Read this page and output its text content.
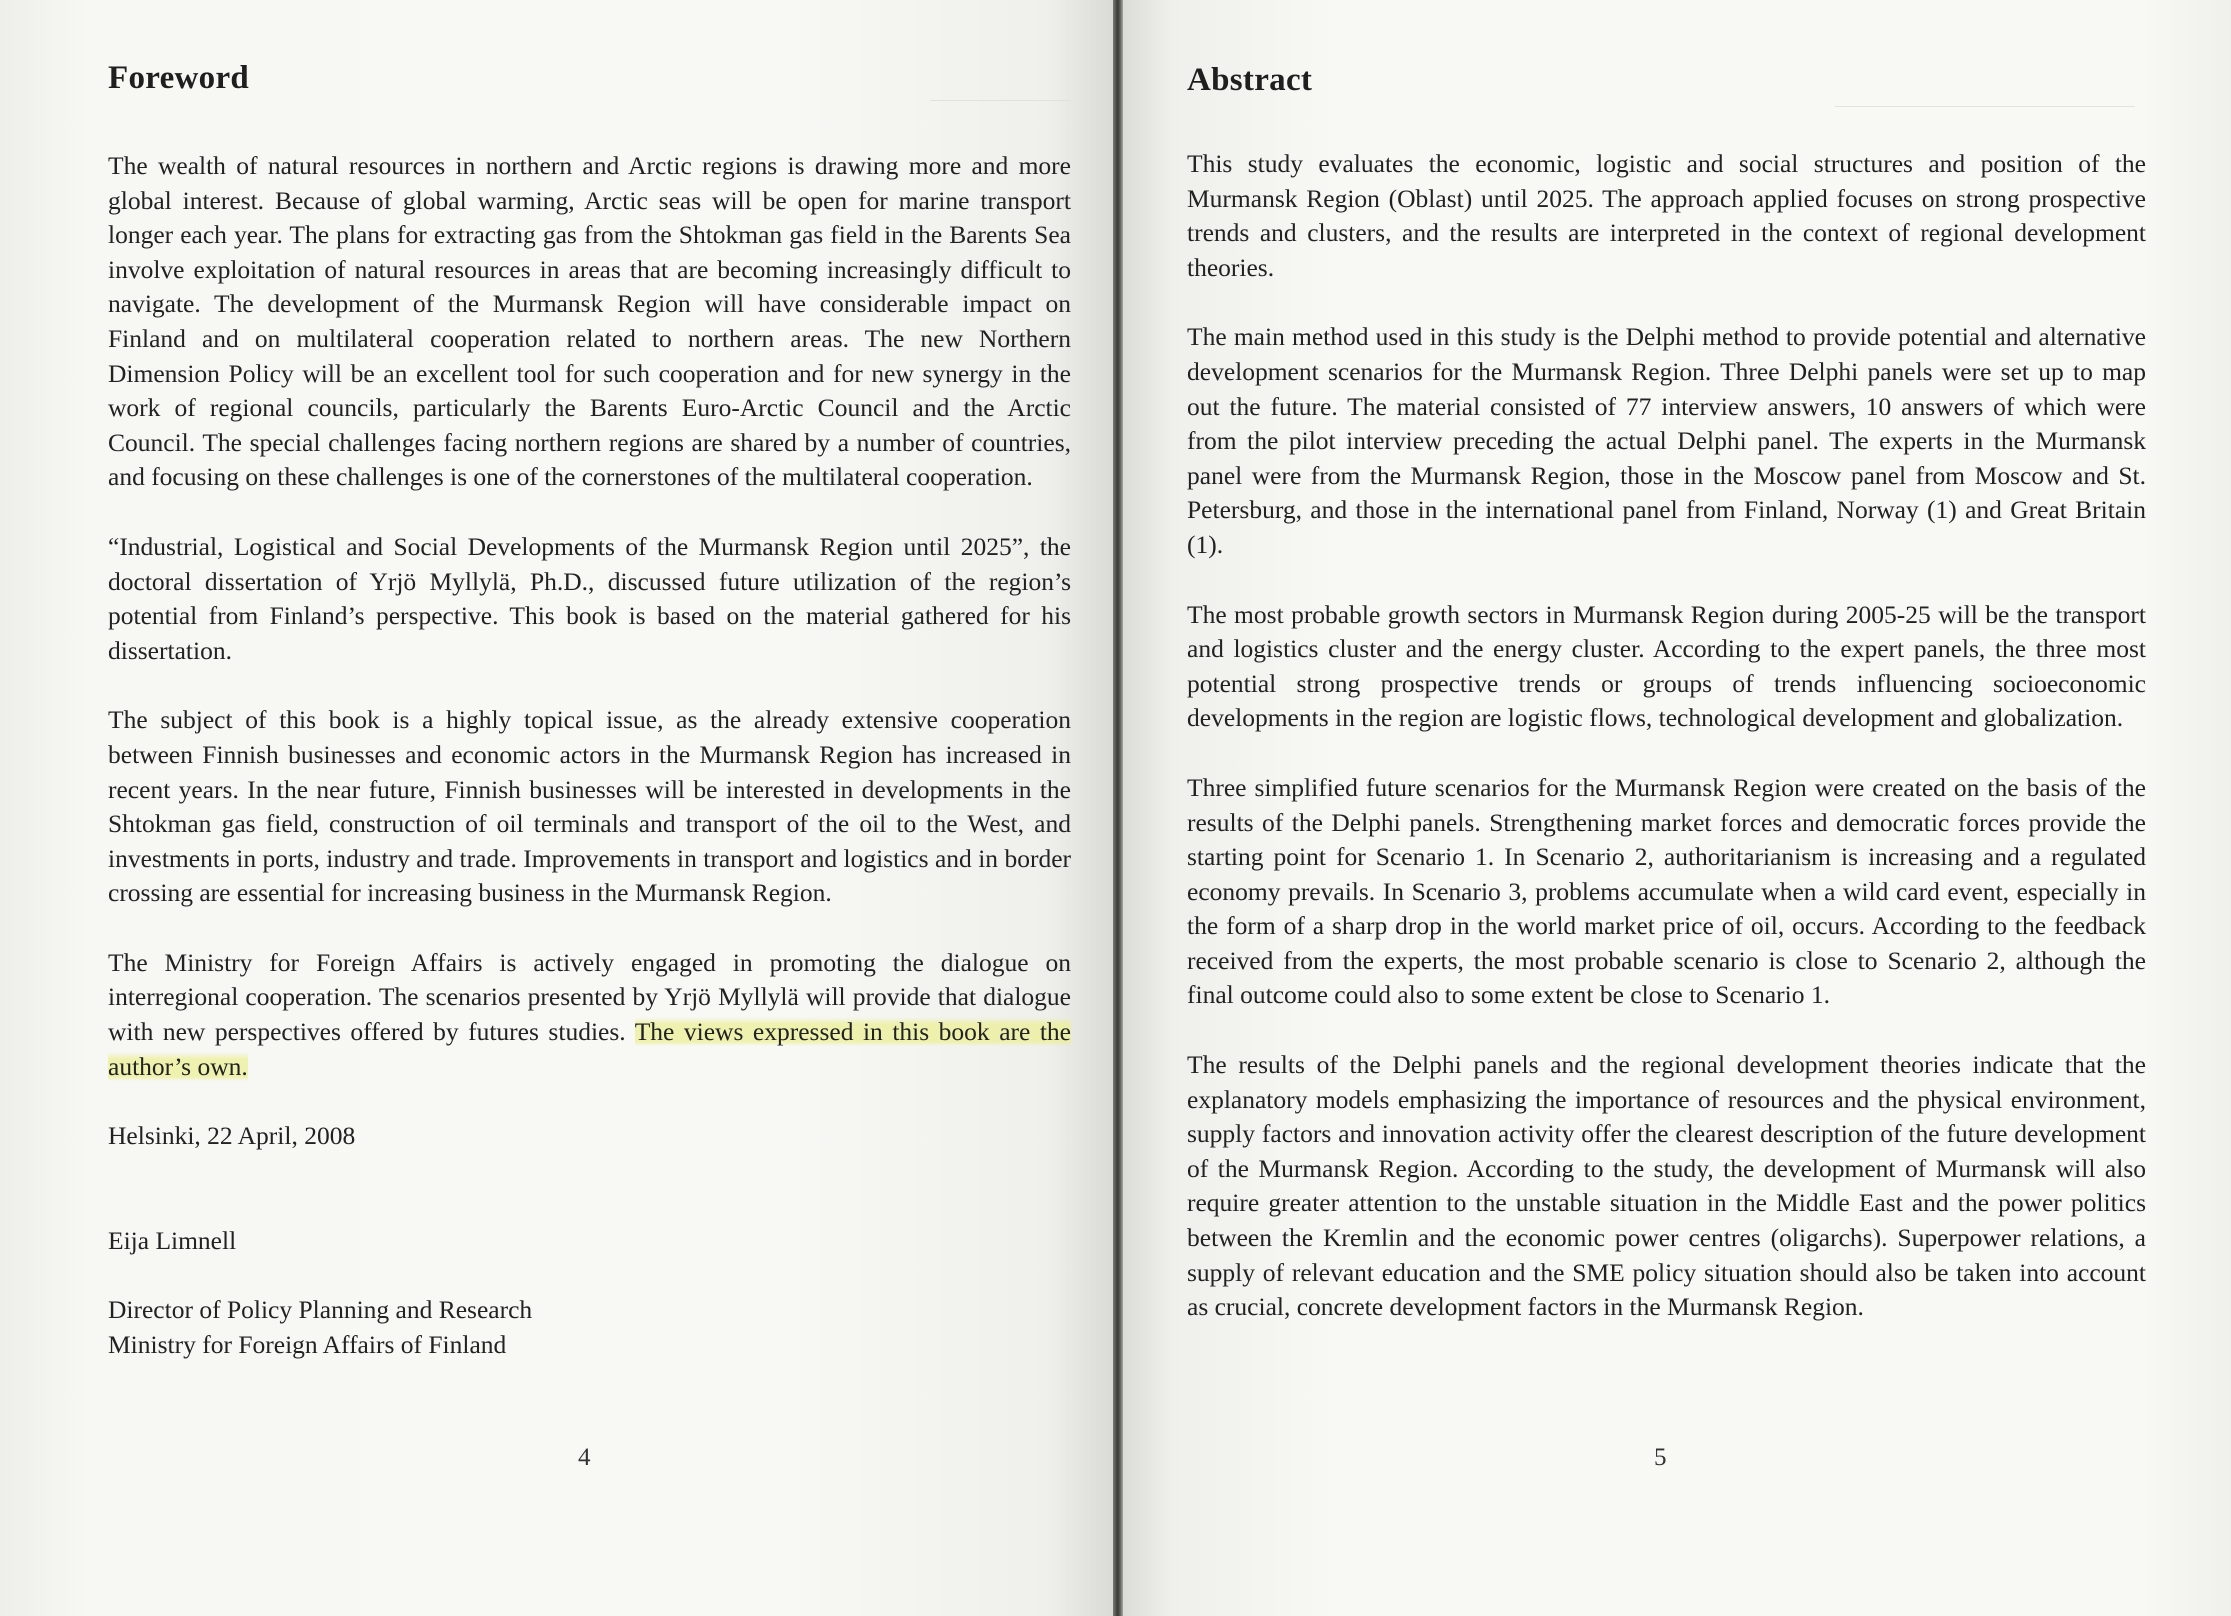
Foreword

The wealth of natural resources in northern and Arctic regions is drawing more and more global interest. Because of global warming, Arctic seas will be open for marine transport longer each year. The plans for extracting gas from the Shtokman gas field in the Barents Sea involve exploitation of natural resources in areas that are becoming increasingly difficult to navigate. The development of the Murmansk Region will have considerable impact on Finland and on multilateral cooperation related to northern areas. The new Northern Dimension Policy will be an excellent tool for such cooperation and for new synergy in the work of regional councils, particularly the Barents Euro-Arctic Council and the Arctic Council. The special challenges facing northern regions are shared by a number of countries, and focusing on these challenges is one of the cornerstones of the multilateral cooperation.

“Industrial, Logistical and Social Developments of the Murmansk Region until 2025”, the doctoral dissertation of Yrjö Myllylä, Ph.D., discussed future utilization of the region’s potential from Finland’s perspective. This book is based on the material gathered for his dissertation.

The subject of this book is a highly topical issue, as the already extensive cooperation between Finnish businesses and economic actors in the Murmansk Region has increased in recent years. In the near future, Finnish businesses will be interested in developments in the Shtokman gas field, construction of oil terminals and transport of the oil to the West, and investments in ports, industry and trade. Improvements in transport and logistics and in border crossing are essential for increasing business in the Murmansk Region.

The Ministry for Foreign Affairs is actively engaged in promoting the dialogue on interregional cooperation. The scenarios presented by Yrjö Myllylä will provide that dialogue with new perspectives offered by futures studies. The views expressed in this book are the author’s own.

Helsinki, 22 April, 2008
Eija Limnell
Director of Policy Planning and Research
Ministry for Foreign Affairs of Finland
4
Abstract

This study evaluates the economic, logistic and social structures and position of the Murmansk Region (Oblast) until 2025. The approach applied focuses on strong prospective trends and clusters, and the results are interpreted in the context of regional development theories.

The main method used in this study is the Delphi method to provide potential and alternative development scenarios for the Murmansk Region. Three Delphi panels were set up to map out the future. The material consisted of 77 interview answers, 10 answers of which were from the pilot interview preceding the actual Delphi panel. The experts in the Murmansk panel were from the Murmansk Region, those in the Moscow panel from Moscow and St. Petersburg, and those in the international panel from Finland, Norway (1) and Great Britain (1).

The most probable growth sectors in Murmansk Region during 2005-25 will be the transport and logistics cluster and the energy cluster. According to the expert panels, the three most potential strong prospective trends or groups of trends influencing socioeconomic developments in the region are logistic flows, technological development and globalization.

Three simplified future scenarios for the Murmansk Region were created on the basis of the results of the Delphi panels. Strengthening market forces and democratic forces provide the starting point for Scenario 1. In Scenario 2, authoritarianism is increasing and a regulated economy prevails. In Scenario 3, problems accumulate when a wild card event, especially in the form of a sharp drop in the world market price of oil, occurs. According to the feedback received from the experts, the most probable scenario is close to Scenario 2, although the final outcome could also to some extent be close to Scenario 1.

The results of the Delphi panels and the regional development theories indicate that the explanatory models emphasizing the importance of resources and the physical environment, supply factors and innovation activity offer the clearest description of the future development of the Murmansk Region. According to the study, the development of Murmansk will also require greater attention to the unstable situation in the Middle East and the power politics between the Kremlin and the economic power centres (oligarchs). Superpower relations, a supply of relevant education and the SME policy situation should also be taken into account as crucial, concrete development factors in the Murmansk Region.

5
